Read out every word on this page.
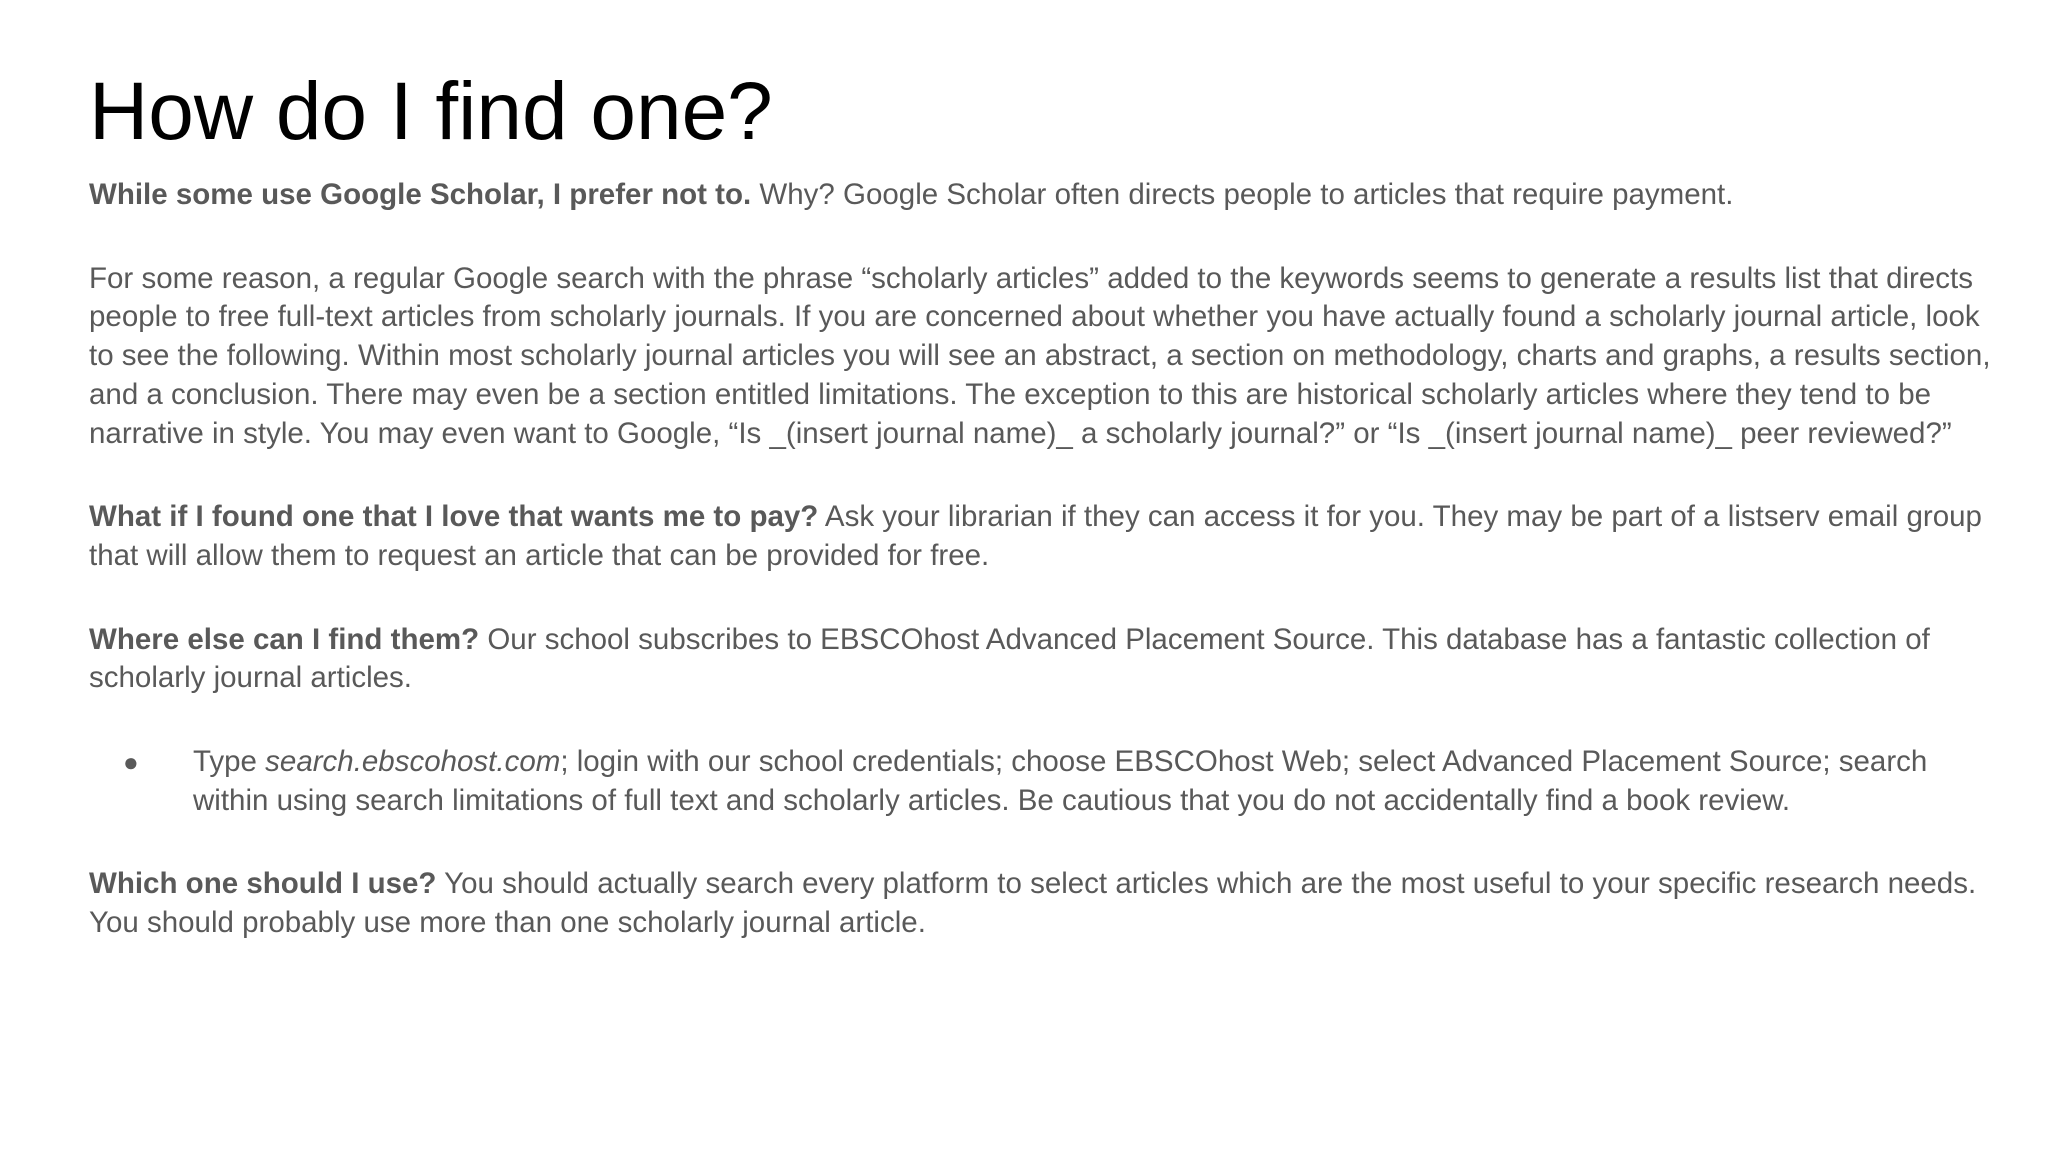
How do I find one?

While some use Google Scholar, I prefer not to. Why? Google Scholar often directs people to articles that require payment.

For some reason, a regular Google search with the phrase “scholarly articles” added to the keywords seems to generate a results list that directs people to free full-text articles from scholarly journals. If you are concerned about whether you have actually found a scholarly journal article, look to see the following. Within most scholarly journal articles you will see an abstract, a section on methodology, charts and graphs, a results section, and a conclusion. There may even be a section entitled limitations. The exception to this are historical scholarly articles where they tend to be narrative in style. You may even want to Google, “Is _(insert journal name)_ a scholarly journal?” or “Is _(insert journal name)_ peer reviewed?”

What if I found one that I love that wants me to pay? Ask your librarian if they can access it for you. They may be part of a listserv email group that will allow them to request an article that can be provided for free.

Where else can I find them? Our school subscribes to EBSCOhost Advanced Placement Source. This database has a fantastic collection of scholarly journal articles.

● Type search.ebscohost.com; login with our school credentials; choose EBSCOhost Web; select Advanced Placement Source; search within using search limitations of full text and scholarly articles. Be cautious that you do not accidentally find a book review.

Which one should I use? You should actually search every platform to select articles which are the most useful to your specific research needs. You should probably use more than one scholarly journal article.
